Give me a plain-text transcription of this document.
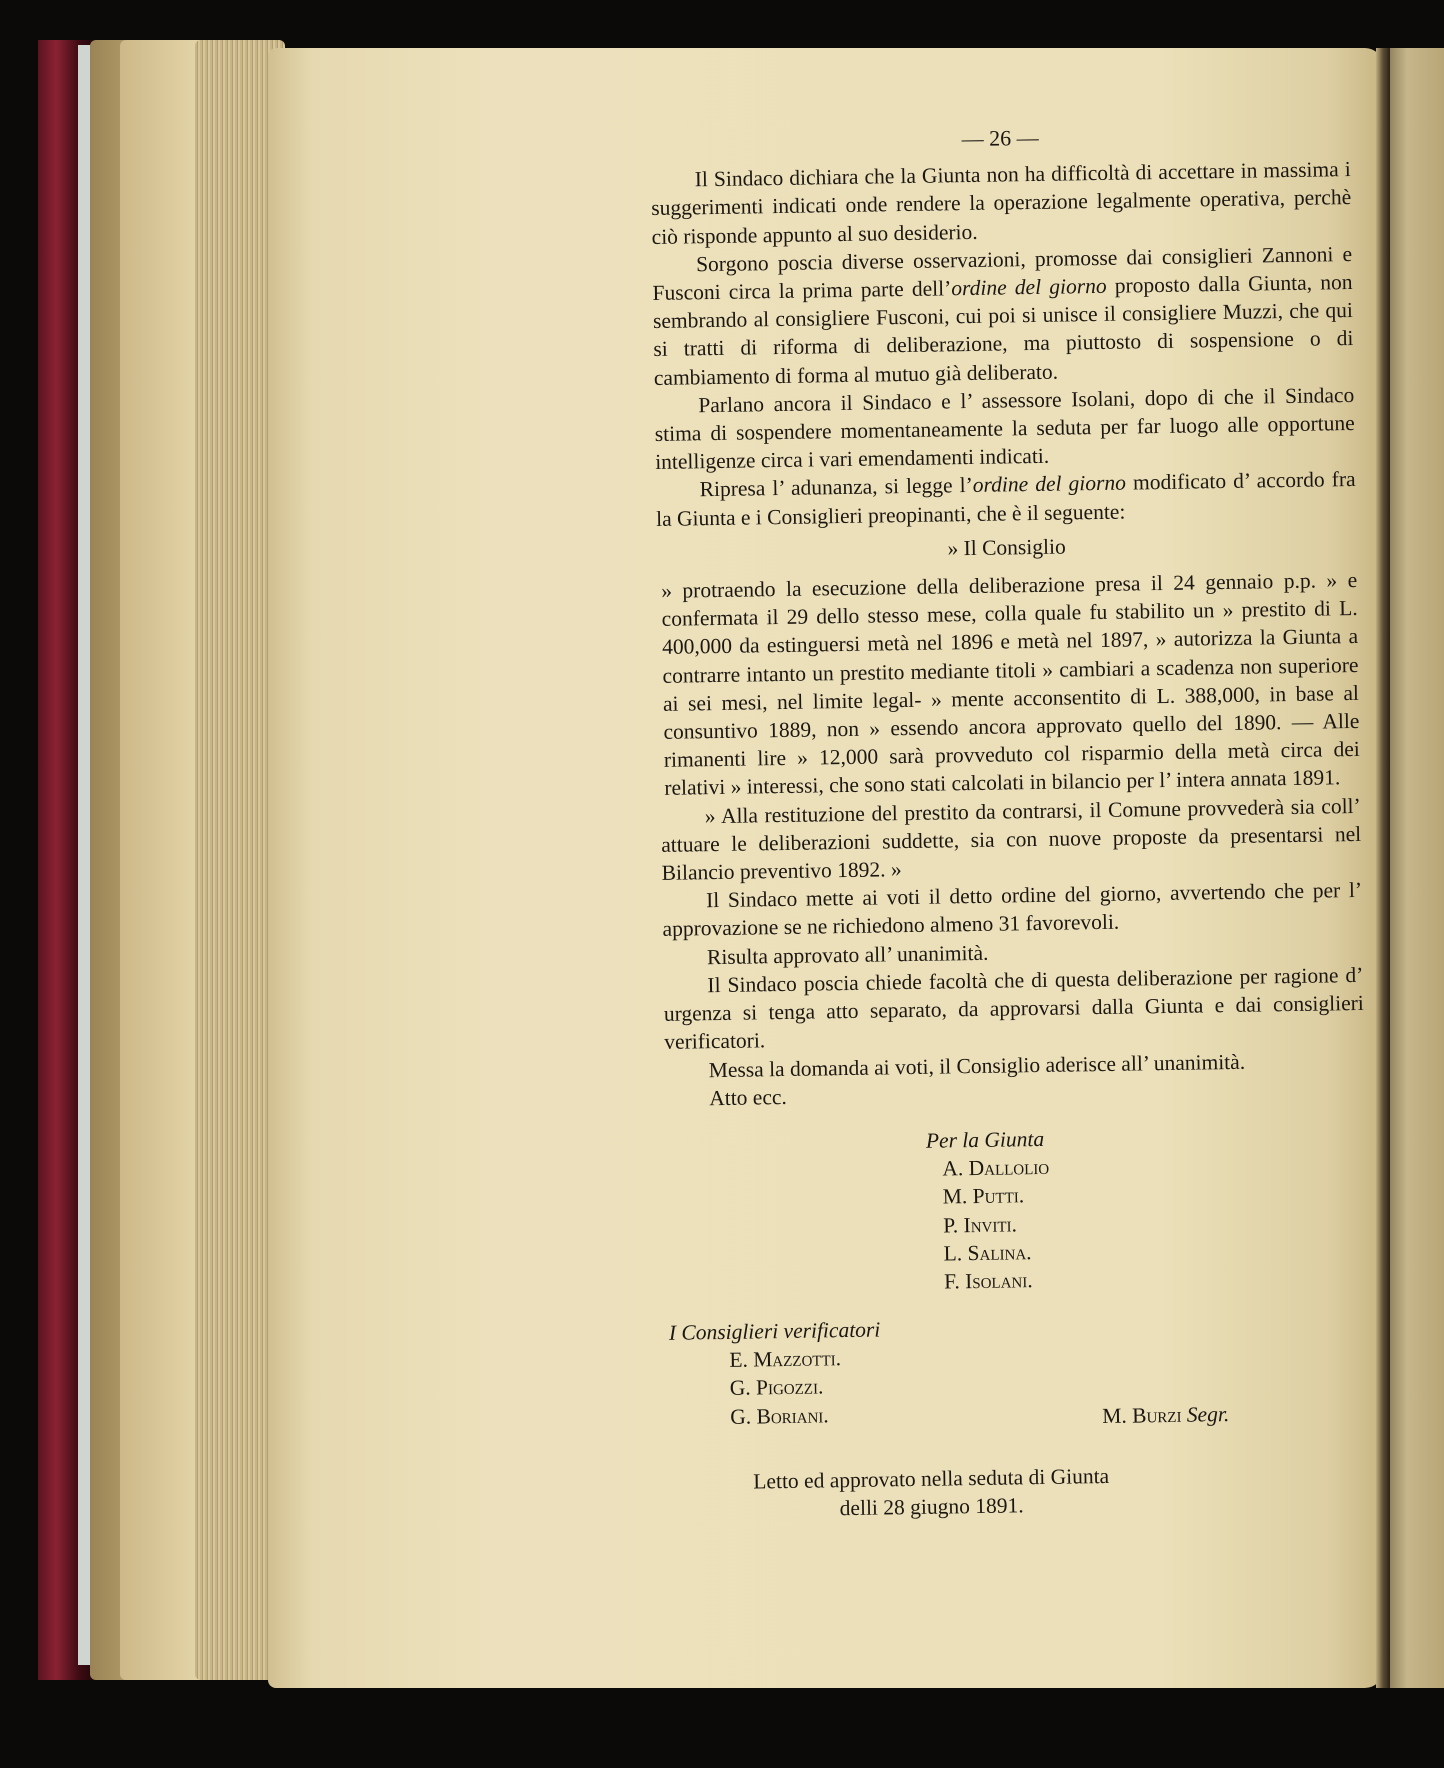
— 26 —

Il Sindaco dichiara che la Giunta non ha difficoltà di accettare in massima i suggerimenti indicati onde rendere la operazione legalmente operativa, perchè ciò risponde appunto al suo desiderio.

Sorgono poscia diverse osservazioni, promosse dai consiglieri Zannoni e Fusconi circa la prima parte dell’ordine del giorno proposto dalla Giunta, non sembrando al consigliere Fusconi, cui poi si unisce il consigliere Muzzi, che qui si tratti di riforma di deliberazione, ma piuttosto di sospensione o di cambiamento di forma al mutuo già deliberato.

Parlano ancora il Sindaco e l’ assessore Isolani, dopo di che il Sindaco stima di sospendere momentaneamente la seduta per far luogo alle opportune intelligenze circa i vari emendamenti indicati.

Ripresa l’ adunanza, si legge l’ordine del giorno modificato d’ accordo fra la Giunta e i Consiglieri preopinanti, che è il seguente:

» Il Consiglio

» protraendo la esecuzione della deliberazione presa il 24 gennaio p.p. » e confermata il 29 dello stesso mese, colla quale fu stabilito un » prestito di L. 400,000 da estinguersi metà nel 1896 e metà nel 1897, » autorizza la Giunta a contrarre intanto un prestito mediante titoli » cambiari a scadenza non superiore ai sei mesi, nel limite legal- » mente acconsentito di L. 388,000, in base al consuntivo 1889, non » essendo ancora approvato quello del 1890. — Alle rimanenti lire » 12,000 sarà provveduto col risparmio della metà circa dei relativi » interessi, che sono stati calcolati in bilancio per l’ intera annata 1891.

» Alla restituzione del prestito da contrarsi, il Comune provvederà sia coll’ attuare le deliberazioni suddette, sia con nuove proposte da presentarsi nel Bilancio preventivo 1892. »

Il Sindaco mette ai voti il detto ordine del giorno, avvertendo che per l’ approvazione se ne richiedono almeno 31 favorevoli.

Risulta approvato all’ unanimità.

Il Sindaco poscia chiede facoltà che di questa deliberazione per ragione d’ urgenza si tenga atto separato, da approvarsi dalla Giunta e dai consiglieri verificatori.

Messa la domanda ai voti, il Consiglio aderisce all’ unanimità.

Atto ecc.

Per la Giunta
A. Dallolio
M. Putti.
P. Inviti.
L. Salina.
F. Isolani.
I Consiglieri verificatori
E. Mazzotti.
G. Pigozzi.
G. Boriani.	M. Burzi Segr.
Letto ed approvato nella seduta di Giunta
delli 28 giugno 1891.
